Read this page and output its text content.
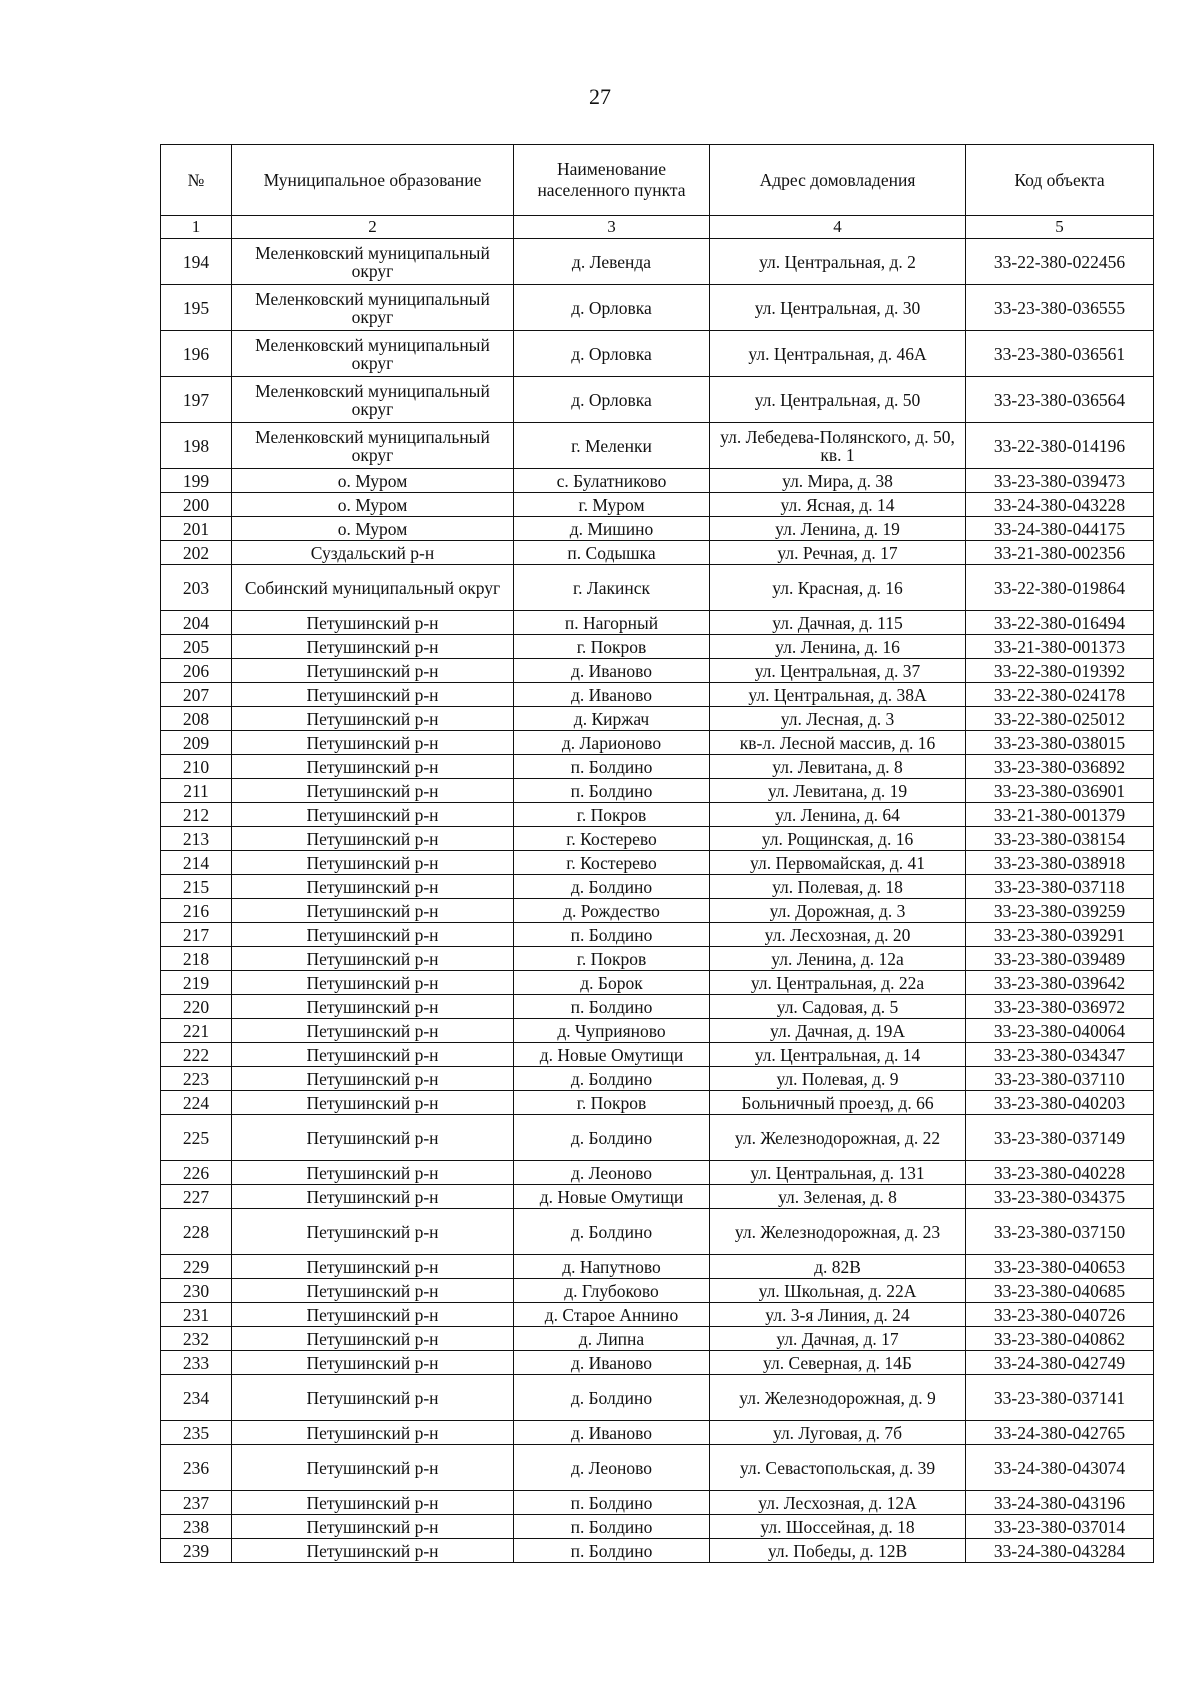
27
№	Муниципальное образование	Наименование населенного пункта	Адрес домовладения	Код объекта
1	2	3	4	5
194	Меленковский муниципальный округ	д. Левенда	ул. Центральная, д. 2	33-22-380-022456
195	Меленковский муниципальный округ	д. Орловка	ул. Центральная, д. 30	33-23-380-036555
196	Меленковский муниципальный округ	д. Орловка	ул. Центральная, д. 46А	33-23-380-036561
197	Меленковский муниципальный округ	д. Орловка	ул. Центральная, д. 50	33-23-380-036564
198	Меленковский муниципальный округ	г. Меленки	ул. Лебедева-Полянского, д. 50, кв. 1	33-22-380-014196
199	о. Муром	с. Булатниково	ул. Мира, д. 38	33-23-380-039473
200	о. Муром	г. Муром	ул. Ясная, д. 14	33-24-380-043228
201	о. Муром	д. Мишино	ул. Ленина, д. 19	33-24-380-044175
202	Суздальский р-н	п. Содышка	ул. Речная, д. 17	33-21-380-002356
203	Собинский муниципальный округ	г. Лакинск	ул. Красная, д. 16	33-22-380-019864
204	Петушинский р-н	п. Нагорный	ул. Дачная, д. 115	33-22-380-016494
205	Петушинский р-н	г. Покров	ул. Ленина, д. 16	33-21-380-001373
206	Петушинский р-н	д. Иваново	ул. Центральная, д. 37	33-22-380-019392
207	Петушинский р-н	д. Иваново	ул. Центральная, д. 38А	33-22-380-024178
208	Петушинский р-н	д. Киржач	ул. Лесная, д. 3	33-22-380-025012
209	Петушинский р-н	д. Ларионово	кв-л. Лесной массив, д. 16	33-23-380-038015
210	Петушинский р-н	п. Болдино	ул. Левитана, д. 8	33-23-380-036892
211	Петушинский р-н	п. Болдино	ул. Левитана, д. 19	33-23-380-036901
212	Петушинский р-н	г. Покров	ул. Ленина, д. 64	33-21-380-001379
213	Петушинский р-н	г. Костерево	ул. Рощинская, д. 16	33-23-380-038154
214	Петушинский р-н	г. Костерево	ул. Первомайская, д. 41	33-23-380-038918
215	Петушинский р-н	д. Болдино	ул. Полевая, д. 18	33-23-380-037118
216	Петушинский р-н	д. Рождество	ул. Дорожная, д. 3	33-23-380-039259
217	Петушинский р-н	п. Болдино	ул. Лесхозная, д. 20	33-23-380-039291
218	Петушинский р-н	г. Покров	ул. Ленина, д. 12а	33-23-380-039489
219	Петушинский р-н	д. Борок	ул. Центральная, д. 22а	33-23-380-039642
220	Петушинский р-н	п. Болдино	ул. Садовая, д. 5	33-23-380-036972
221	Петушинский р-н	д. Чуприяново	ул. Дачная, д. 19А	33-23-380-040064
222	Петушинский р-н	д. Новые Омутищи	ул. Центральная, д. 14	33-23-380-034347
223	Петушинский р-н	д. Болдино	ул. Полевая, д. 9	33-23-380-037110
224	Петушинский р-н	г. Покров	Больничный проезд, д. 66	33-23-380-040203
225	Петушинский р-н	д. Болдино	ул. Железнодорожная, д. 22	33-23-380-037149
226	Петушинский р-н	д. Леоново	ул. Центральная, д. 131	33-23-380-040228
227	Петушинский р-н	д. Новые Омутищи	ул. Зеленая, д. 8	33-23-380-034375
228	Петушинский р-н	д. Болдино	ул. Железнодорожная, д. 23	33-23-380-037150
229	Петушинский р-н	д. Напутново	д. 82В	33-23-380-040653
230	Петушинский р-н	д. Глубоково	ул. Школьная, д. 22А	33-23-380-040685
231	Петушинский р-н	д. Старое Аннино	ул. 3-я Линия, д. 24	33-23-380-040726
232	Петушинский р-н	д. Липна	ул. Дачная, д. 17	33-23-380-040862
233	Петушинский р-н	д. Иваново	ул. Северная, д. 14Б	33-24-380-042749
234	Петушинский р-н	д. Болдино	ул. Железнодорожная, д. 9	33-23-380-037141
235	Петушинский р-н	д. Иваново	ул. Луговая, д. 7б	33-24-380-042765
236	Петушинский р-н	д. Леоново	ул. Севастопольская, д. 39	33-24-380-043074
237	Петушинский р-н	п. Болдино	ул. Лесхозная, д. 12А	33-24-380-043196
238	Петушинский р-н	п. Болдино	ул. Шоссейная, д. 18	33-23-380-037014
239	Петушинский р-н	п. Болдино	ул. Победы, д. 12В	33-24-380-043284
